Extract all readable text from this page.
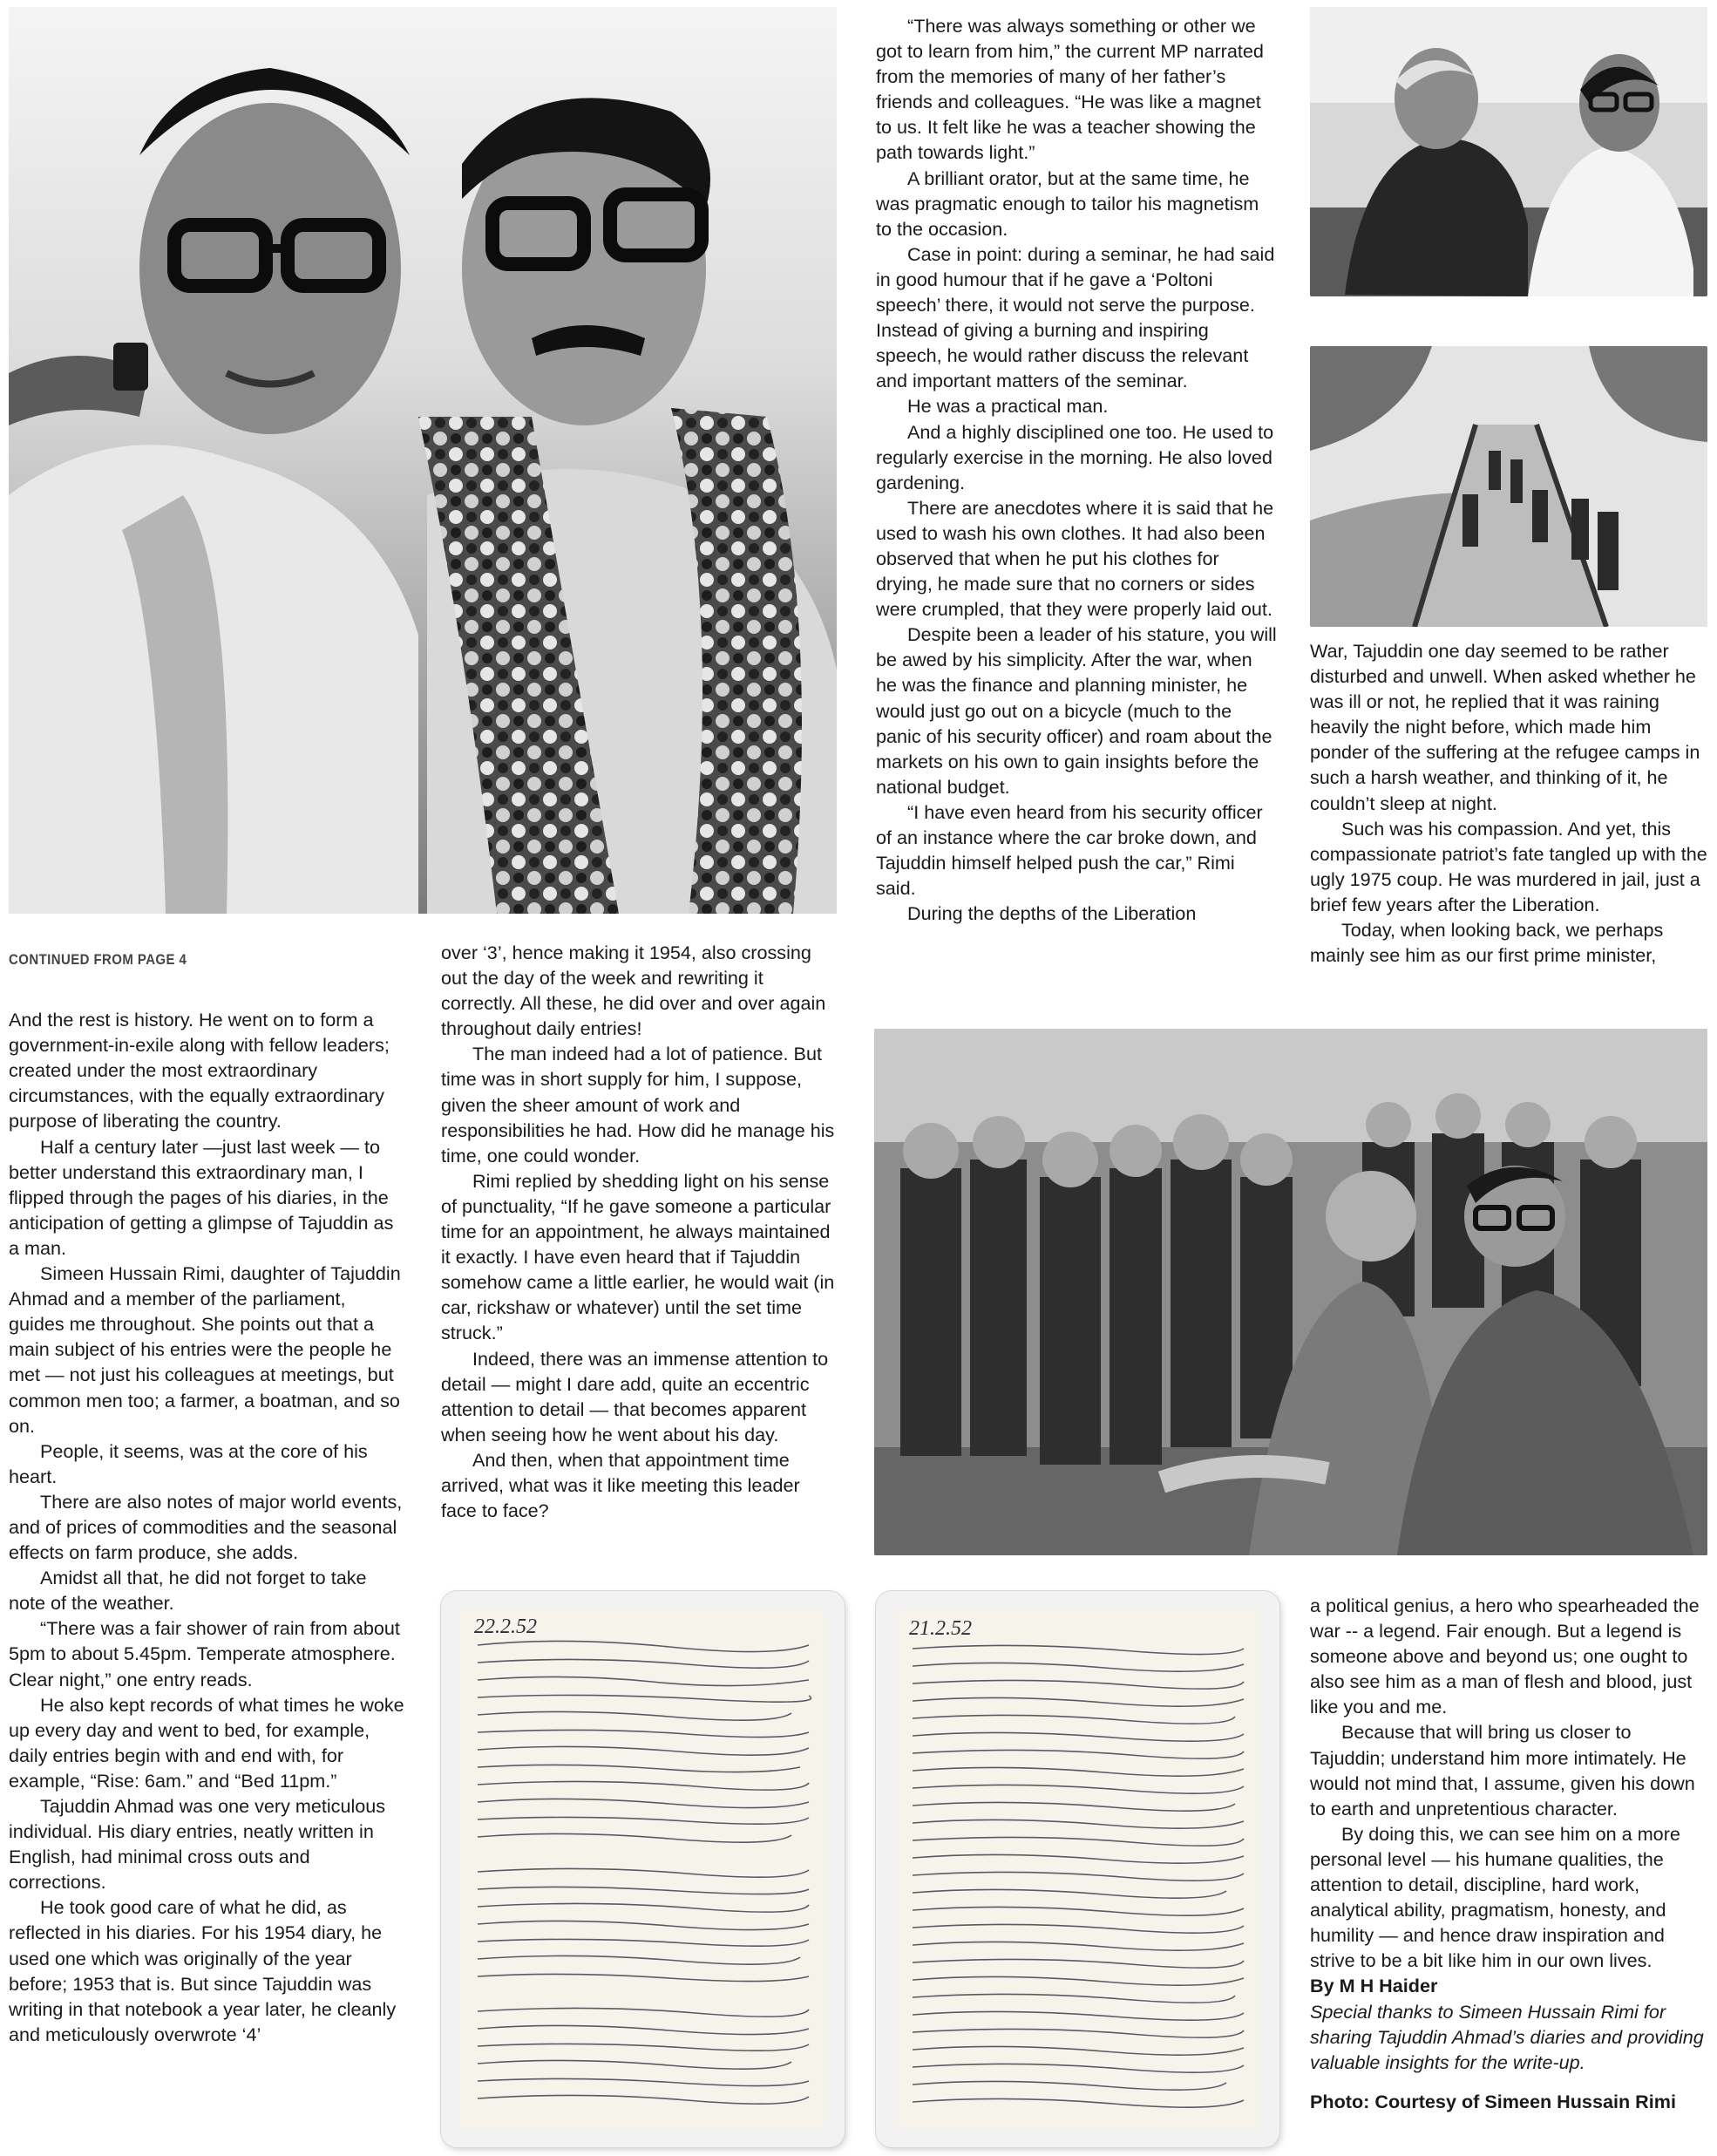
CONTINUED FROM PAGE 4

And the rest is history. He went on to form a government-in-exile along with fellow leaders; created under the most extraordinary circumstances, with the equally extraordinary purpose of liberating the country.

Half a century later —just last week — to better understand this extraordinary man, I flipped through the pages of his diaries, in the anticipation of getting a glimpse of Tajuddin as a man.

Simeen Hussain Rimi, daughter of Tajuddin Ahmad and a member of the parliament, guides me throughout. She points out that a main subject of his entries were the people he met — not just his colleagues at meetings, but common men too; a farmer, a boatman, and so on.

People, it seems, was at the core of his heart.

There are also notes of major world events, and of prices of commodities and the seasonal effects on farm produce, she adds.

Amidst all that, he did not forget to take note of the weather.

“There was a fair shower of rain from about 5pm to about 5.45pm. Temperate atmosphere. Clear night,” one entry reads.

He also kept records of what times he woke up every day and went to bed, for example, daily entries begin with and end with, for example, “Rise: 6am.” and “Bed 11pm.”

Tajuddin Ahmad was one very meticulous individual. His diary entries, neatly written in English, had minimal cross outs and corrections.

He took good care of what he did, as reflected in his diaries. For his 1954 diary, he used one which was originally of the year before; 1953 that is. But since Tajuddin was writing in that notebook a year later, he cleanly and meticulously overwrote ‘4’

over ‘3’, hence making it 1954, also crossing out the day of the week and rewriting it correctly. All these, he did over and over again throughout daily entries!

The man indeed had a lot of patience. But time was in short supply for him, I suppose, given the sheer amount of work and responsibilities he had. How did he manage his time, one could wonder.

Rimi replied by shedding light on his sense of punctuality, “If he gave someone a particular time for an appointment, he always maintained it exactly. I have even heard that if Tajuddin somehow came a little earlier, he would wait (in car, rickshaw or whatever) until the set time struck.”

Indeed, there was an immense attention to detail — might I dare add, quite an eccentric attention to detail — that becomes apparent when seeing how he went about his day.

And then, when that appointment time arrived, what was it like meeting this leader face to face?

“There was always something or other we got to learn from him,” the current MP narrated from the memories of many of her father’s friends and colleagues. “He was like a magnet to us. It felt like he was a teacher showing the path towards light.”

A brilliant orator, but at the same time, he was pragmatic enough to tailor his magnetism to the occasion.

Case in point: during a seminar, he had said in good humour that if he gave a ‘Poltoni speech’ there, it would not serve the purpose. Instead of giving a burning and inspiring speech, he would rather discuss the relevant and important matters of the seminar.

He was a practical man.

And a highly disciplined one too. He used to regularly exercise in the morning. He also loved gardening.

There are anecdotes where it is said that he used to wash his own clothes. It had also been observed that when he put his clothes for drying, he made sure that no corners or sides were crumpled, that they were properly laid out.

Despite been a leader of his stature, you will be awed by his simplicity. After the war, when he was the finance and planning minister, he would just go out on a bicycle (much to the panic of his security officer) and roam about the markets on his own to gain insights before the national budget.

“I have even heard from his security officer of an instance where the car broke down, and Tajuddin himself helped push the car,” Rimi said.

During the depths of the Liberation

War, Tajuddin one day seemed to be rather disturbed and unwell. When asked whether he was ill or not, he replied that it was raining heavily the night before, which made him ponder of the suffering at the refugee camps in such a harsh weather, and thinking of it, he couldn’t sleep at night.

Such was his compassion. And yet, this compassionate patriot’s fate tangled up with the ugly 1975 coup. He was murdered in jail, just a brief few years after the Liberation.

Today, when looking back, we perhaps mainly see him as our first prime minister,

a political genius, a hero who spearheaded the war -- a legend. Fair enough. But a legend is someone above and beyond us; one ought to also see him as a man of flesh and blood, just like you and me.

Because that will bring us closer to Tajuddin; understand him more intimately. He would not mind that, I assume, given his down to earth and unpretentious character.

By doing this, we can see him on a more personal level — his humane qualities, the attention to detail, discipline, hard work, analytical ability, pragmatism, honesty, and humility — and hence draw inspiration and strive to be a bit like him in our own lives.

By M H Haider

Special thanks to Simeen Hussain Rimi for sharing Tajuddin Ahmad’s diaries and providing valuable insights for the write-up.

Photo: Courtesy of Simeen Hussain Rimi

22.2.52	21.2.52
